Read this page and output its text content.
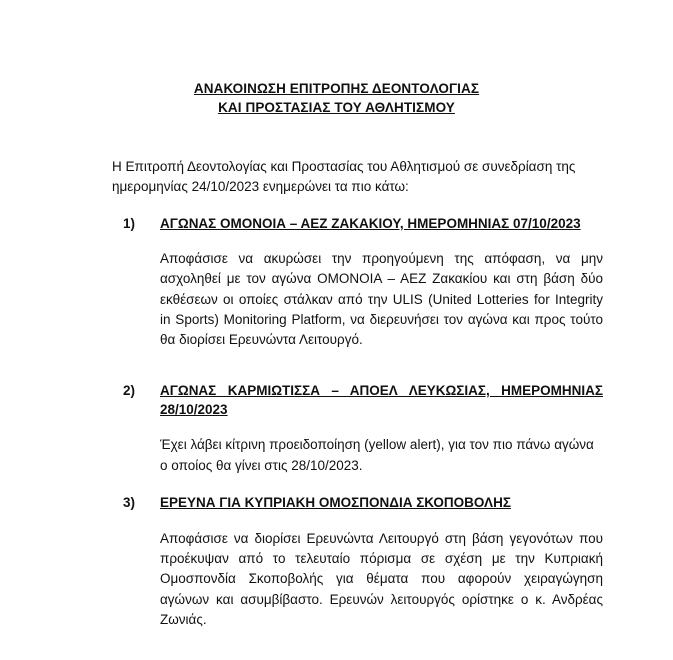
ΑΝΑΚΟΙΝΩΣΗ ΕΠΙΤΡΟΠΗΣ ΔΕΟΝΤΟΛΟΓΙΑΣ
ΚΑΙ ΠΡΟΣΤΑΣΙΑΣ ΤΟΥ ΑΘΛΗΤΙΣΜΟΥ
Η Επιτροπή Δεοντολογίας και Προστασίας του Αθλητισμού σε συνεδρίαση της
ημερομηνίας 24/10/2023 ενημερώνει τα πιο κάτω:
1) ΑΓΩΝΑΣ ΟΜΟΝΟΙΑ – ΑΕΖ ΖΑΚΑΚΙΟΥ, ΗΜΕΡΟΜΗΝΙΑΣ 07/10/2023
Αποφάσισε να ακυρώσει την προηγούμενη της απόφαση, να μην
ασχοληθεί με τον αγώνα ΟΜΟΝΟΙΑ – ΑΕΖ Ζακακίου και στη βάση δύο
εκθέσεων οι οποίες στάλκαν από την ULIS (United Lotteries for Integrity
in Sports) Monitoring Platform, να διερευνήσει τον αγώνα και προς τούτο
θα διορίσει Ερευνώντα Λειτουργό.
2) ΑΓΩΝΑΣ ΚΑΡΜΙΩΤΙΣΣΑ – ΑΠΟΕΛ ΛΕΥΚΩΣΙΑΣ, ΗΜΕΡΟΜΗΝΙΑΣ
28/10/2023
Έχει λάβει κίτρινη προειδοποίηση (yellow alert), για τον πιο πάνω αγώνα
ο οποίος θα γίνει στις 28/10/2023.
3) ΕΡΕΥΝΑ ΓΙΑ ΚΥΠΡΙΑΚΗ ΟΜΟΣΠΟΝΔΙΑ ΣΚΟΠΟΒΟΛΗΣ
Αποφάσισε να διορίσει Ερευνώντα Λειτουργό στη βάση γεγονότων που
προέκυψαν από το τελευταίο πόρισμα σε σχέση με την Κυπριακή
Ομοσπονδία Σκοποβολής για θέματα που αφορούν χειραγώγηση
αγώνων και ασυμβίβαστο. Ερευνών λειτουργός ορίστηκε ο κ. Ανδρέας
Ζωνιάς.
